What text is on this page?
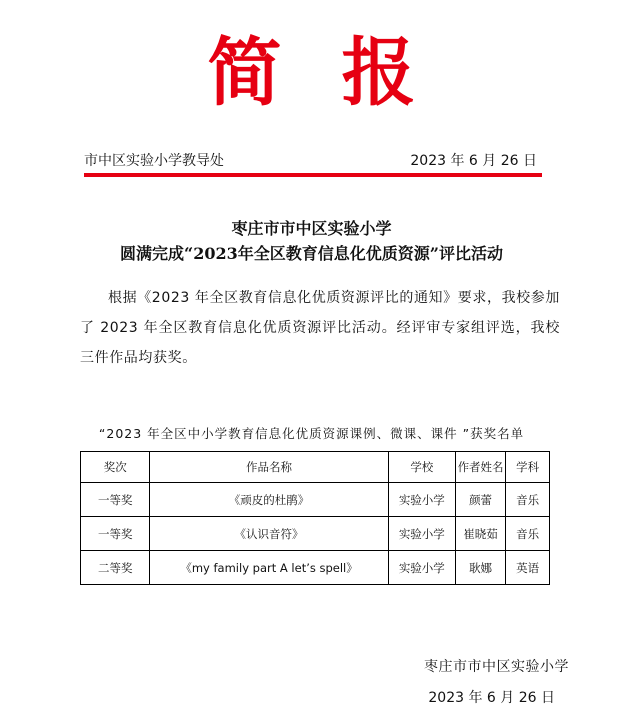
简报
市中区实验小学教导处	2023 年 6 月 26 日
枣庄市市中区实验小学
圆满完成“2023年全区教育信息化优质资源”评比活动

根据《2023 年全区教育信息化优质资源评比的通知》要求，我校参加了 2023 年全区教育信息化优质资源评比活动。经评审专家组评选，我校三件作品均获奖。

“2023 年全区中小学教育信息化优质资源课例、微课、课件 ”获奖名单
奖次	作品名称	学校	作者姓名	学科
一等奖	《顽皮的杜鹃》	实验小学	颜蕾	音乐
一等奖	《认识音符》	实验小学	崔晓茹	音乐
二等奖	《my family part A let’s spell》	实验小学	耿娜	英语
枣庄市市中区实验小学
2023 年 6 月 26 日
